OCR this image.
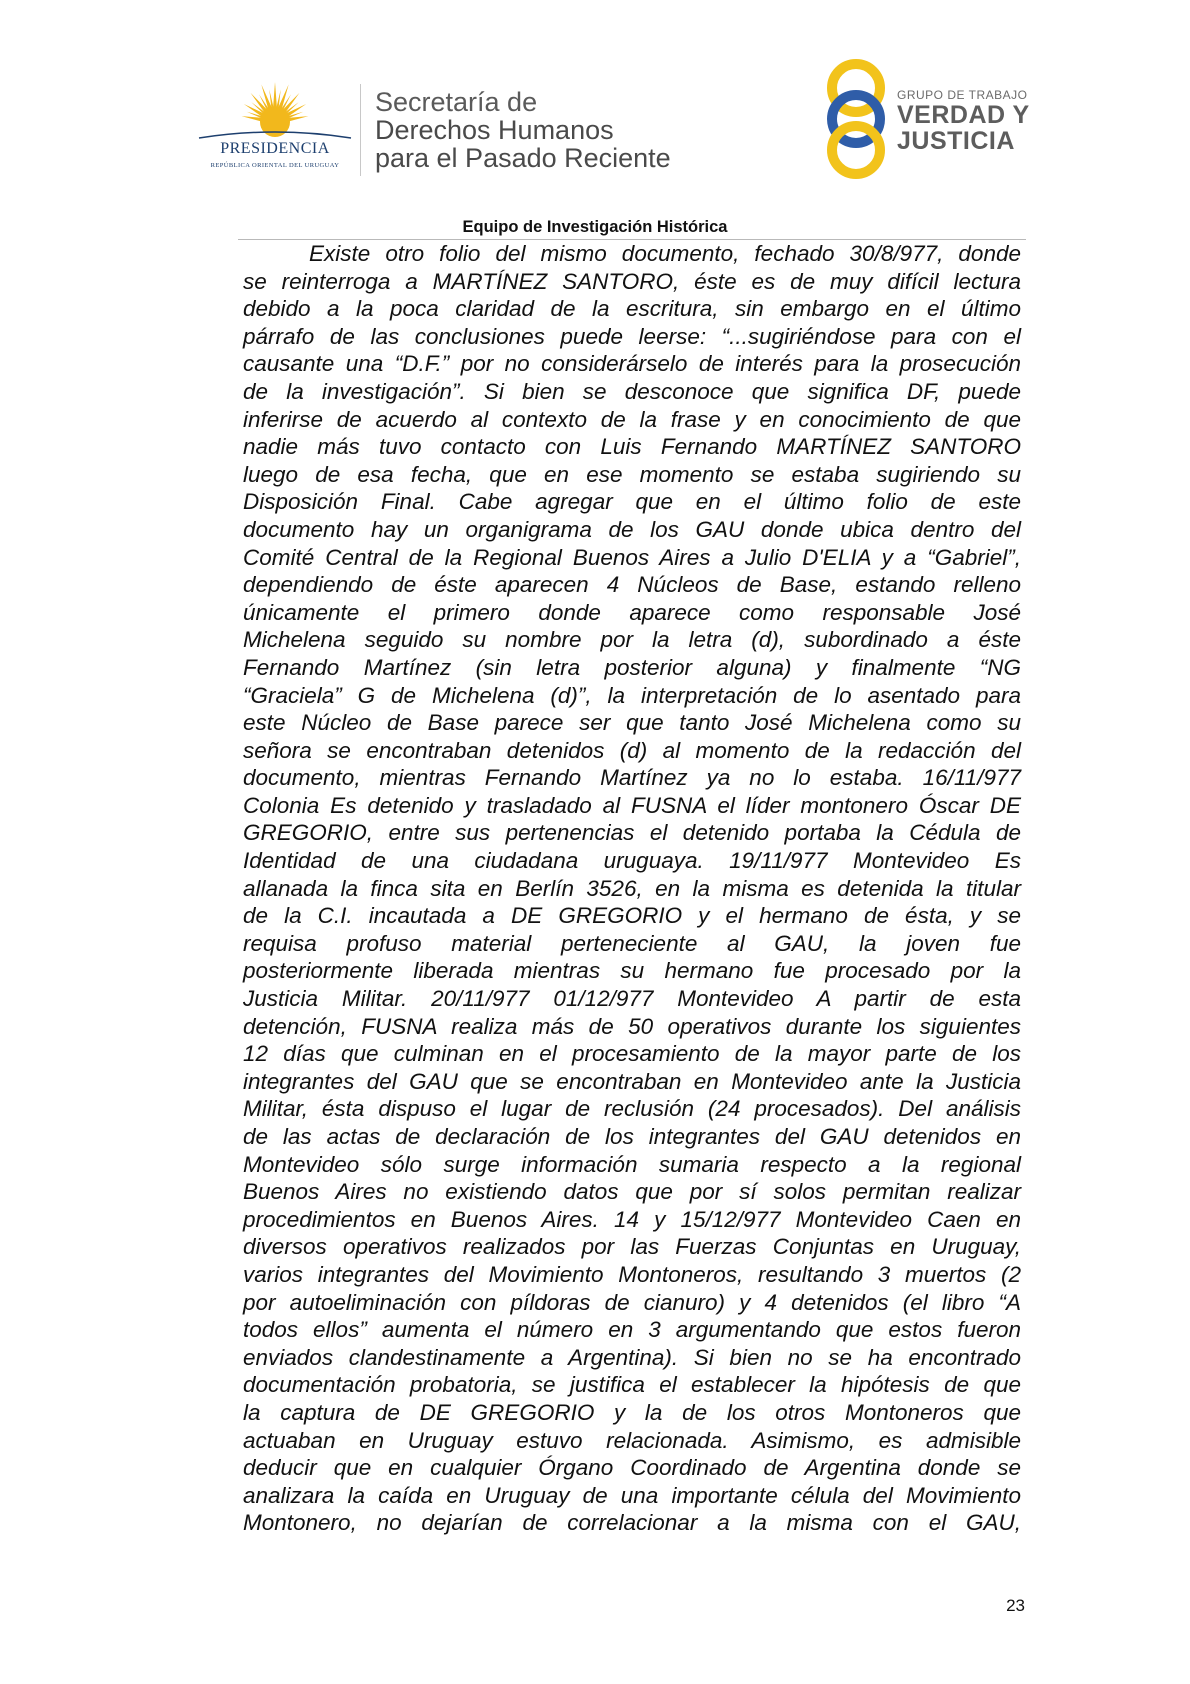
PRESIDENCIA
REPÚBLICA ORIENTAL DEL URUGUAY
Secretaría de
Derechos Humanos
para el Pasado Reciente
GRUPO DE TRABAJO
VERDAD Y
JUSTICIA
Equipo de Investigación Histórica
Existe otro folio del mismo documento, fechado 30/8/977, donde
se reinterroga a MARTÍNEZ SANTORO, éste es de muy difícil lectura
debido a la poca claridad de la escritura, sin embargo en el último
párrafo de las conclusiones puede leerse: “...sugiriéndose para con el
causante una “D.F.” por no considerárselo de interés para la prosecución
de la investigación”. Si bien se desconoce que significa DF, puede
inferirse de acuerdo al contexto de la frase y en conocimiento de que
nadie más tuvo contacto con Luis Fernando MARTÍNEZ SANTORO
luego de esa fecha, que en ese momento se estaba sugiriendo su
Disposición Final. Cabe agregar que en el último folio de este
documento hay un organigrama de los GAU donde ubica dentro del
Comité Central de la Regional Buenos Aires a Julio D'ELIA y a “Gabriel”,
dependiendo de éste aparecen 4 Núcleos de Base, estando relleno
únicamente el primero donde aparece como responsable José
Michelena seguido su nombre por la letra (d), subordinado a éste
Fernando Martínez (sin letra posterior alguna) y finalmente “NG
“Graciela” G de Michelena (d)”, la interpretación de lo asentado para
este Núcleo de Base parece ser que tanto José Michelena como su
señora se encontraban detenidos (d) al momento de la redacción del
documento, mientras Fernando Martínez ya no lo estaba. 16/11/977
Colonia Es detenido y trasladado al FUSNA el líder montonero Óscar DE
GREGORIO, entre sus pertenencias el detenido portaba la Cédula de
Identidad de una ciudadana uruguaya. 19/11/977 Montevideo Es
allanada la finca sita en Berlín 3526, en la misma es detenida la titular
de la C.I. incautada a DE GREGORIO y el hermano de ésta, y se
requisa profuso material perteneciente al GAU, la joven fue
posteriormente liberada mientras su hermano fue procesado por la
Justicia Militar. 20/11/977 01/12/977 Montevideo A partir de esta
detención, FUSNA realiza más de 50 operativos durante los siguientes
12 días que culminan en el procesamiento de la mayor parte de los
integrantes del GAU que se encontraban en Montevideo ante la Justicia
Militar, ésta dispuso el lugar de reclusión (24 procesados). Del análisis
de las actas de declaración de los integrantes del GAU detenidos en
Montevideo sólo surge información sumaria respecto a la regional
Buenos Aires no existiendo datos que por sí solos permitan realizar
procedimientos en Buenos Aires. 14 y 15/12/977 Montevideo Caen en
diversos operativos realizados por las Fuerzas Conjuntas en Uruguay,
varios integrantes del Movimiento Montoneros, resultando 3 muertos (2
por autoeliminación con píldoras de cianuro) y 4 detenidos (el libro “A
todos ellos” aumenta el número en 3 argumentando que estos fueron
enviados clandestinamente a Argentina). Si bien no se ha encontrado
documentación probatoria, se justifica el establecer la hipótesis de que
la captura de DE GREGORIO y la de los otros Montoneros que
actuaban en Uruguay estuvo relacionada. Asimismo, es admisible
deducir que en cualquier Órgano Coordinado de Argentina donde se
analizara la caída en Uruguay de una importante célula del Movimiento
Montonero, no dejarían de correlacionar a la misma con el GAU,
23
